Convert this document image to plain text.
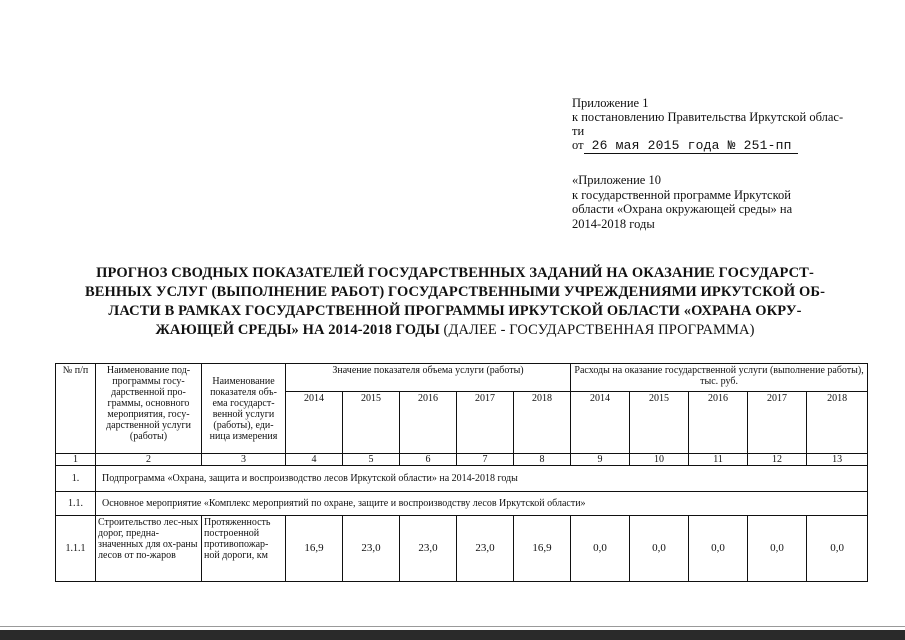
Приложение 1
к постановлению Правительства Иркутской облас-
ти
от 26 мая 2015 года № 251-пп
«Приложение 10
к государственной программе Иркутской
области «Охрана окружающей среды» на
2014-2018 годы
ПРОГНОЗ СВОДНЫХ ПОКАЗАТЕЛЕЙ ГОСУДАРСТВЕННЫХ ЗАДАНИЙ НА ОКАЗАНИЕ ГОСУДАРСТ-
ВЕННЫХ УСЛУГ (ВЫПОЛНЕНИЕ РАБОТ) ГОСУДАРСТВЕННЫМИ УЧРЕЖДЕНИЯМИ ИРКУТСКОЙ ОБ-
ЛАСТИ В РАМКАХ ГОСУДАРСТВЕННОЙ ПРОГРАММЫ ИРКУТСКОЙ ОБЛАСТИ «ОХРАНА ОКРУ-
ЖАЮЩЕЙ СРЕДЫ» НА 2014-2018 ГОДЫ (ДАЛЕЕ - ГОСУДАРСТВЕННАЯ ПРОГРАММА)
№ п/п	Наименование под-программы госу-дарственной про-граммы, основного мероприятия, госу-дарственной услуги (работы)	Наименование показателя объ-ема государст-венной услуги (работы), еди-ница измерения	Значение показателя объема услуги (работы)					Расходы на оказание государственной услуги (выполнение работы), тыс. руб.				
			2014	2015	2016	2017	2018	2014	2015	2016	2017	2018
1	2	3	4	5	6	7	8	9	10	11	12	13
1.	Подпрограмма «Охрана, защита и воспроизводство лесов Иркутской области» на 2014-2018 годы											
1.1.	Основное мероприятие «Комплекс мероприятий по охране, защите и воспроизводству лесов Иркутской области»											
1.1.1	Строительство лес-ных дорог, предна-значенных для ох-раны лесов от по-жаров	Протяженность построенной противопожар-ной дороги, км	16,9	23,0	23,0	23,0	16,9	0,0	0,0	0,0	0,0	0,0
